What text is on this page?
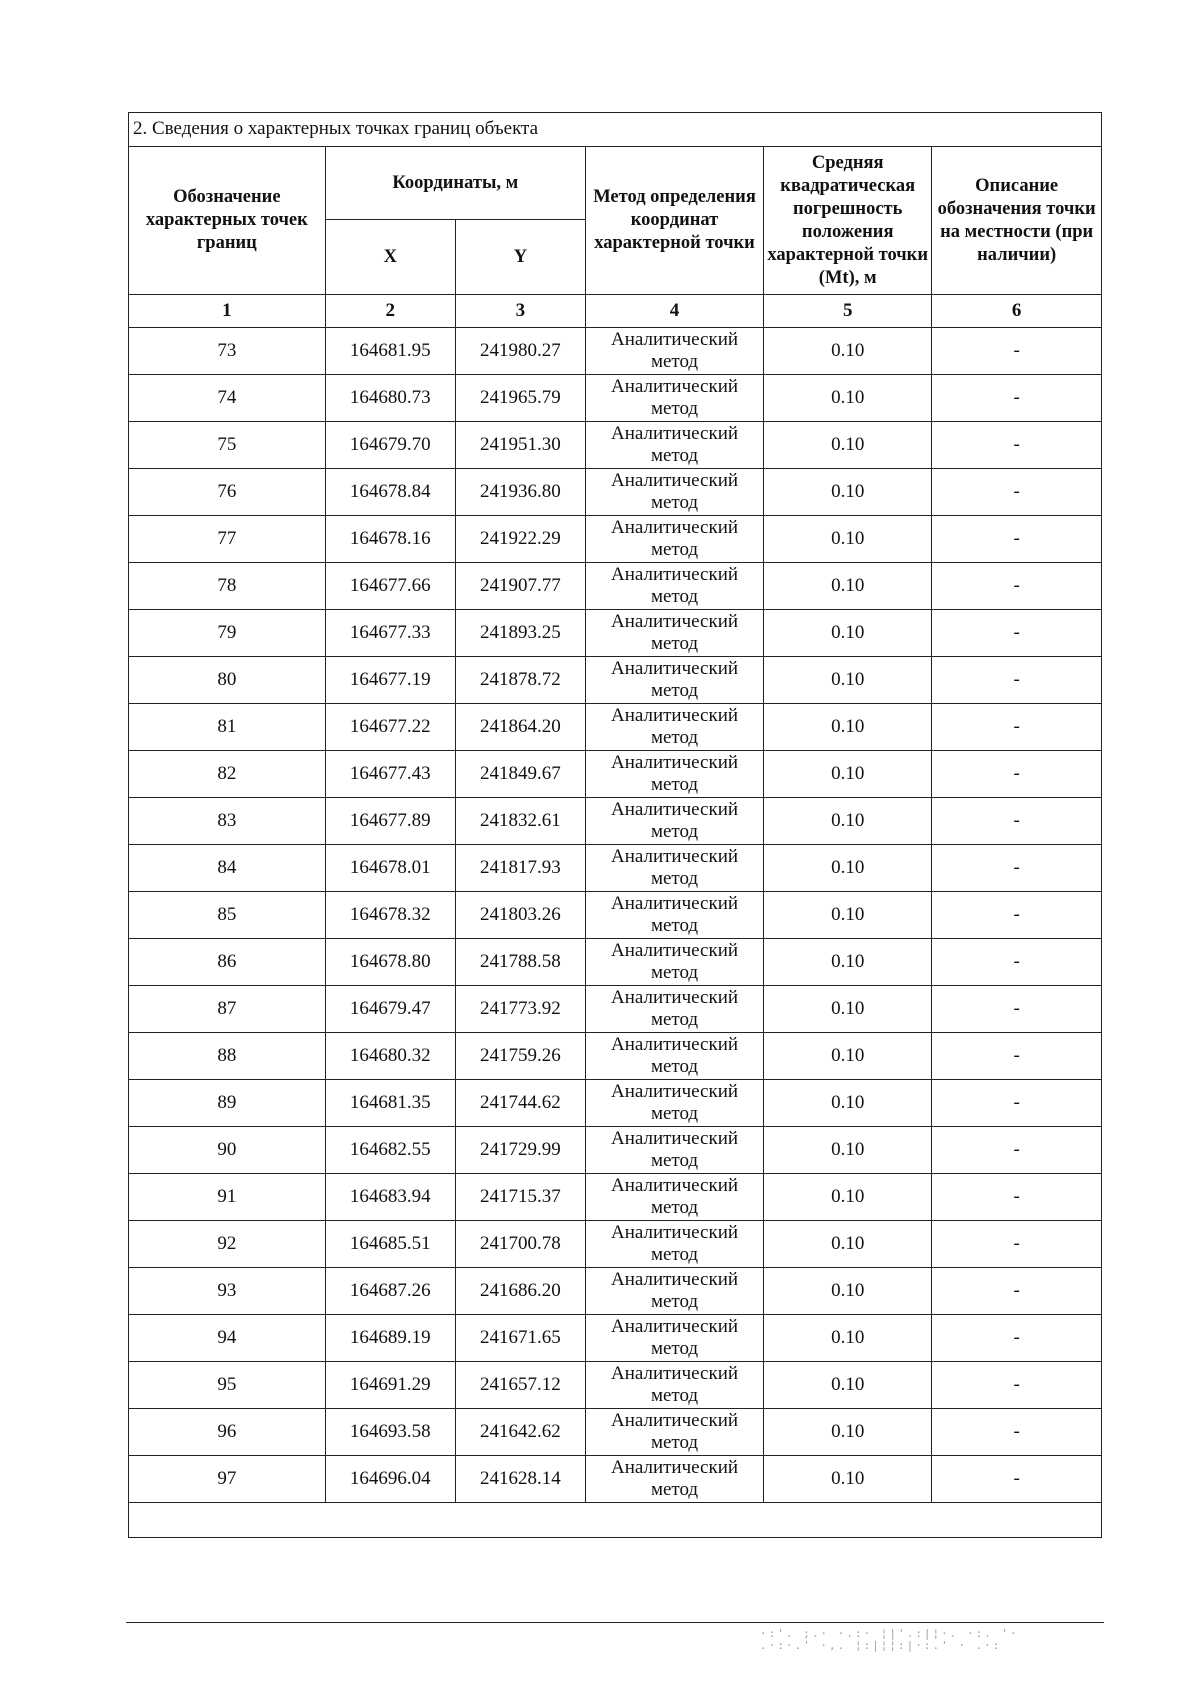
2. Сведения о характерных точках границ объекта
Обозначение характерных точек границ	Координаты, м		Метод определения координат характерной точки	Средняя квадратическая погрешность положения характерной точки (Mt), м	Описание обозначения точки на местности (при наличии)
	X	Y			
1	2	3	4	5	6
73	164681.95	241980.27	Аналитический метод	0.10	-
74	164680.73	241965.79	Аналитический метод	0.10	-
75	164679.70	241951.30	Аналитический метод	0.10	-
76	164678.84	241936.80	Аналитический метод	0.10	-
77	164678.16	241922.29	Аналитический метод	0.10	-
78	164677.66	241907.77	Аналитический метод	0.10	-
79	164677.33	241893.25	Аналитический метод	0.10	-
80	164677.19	241878.72	Аналитический метод	0.10	-
81	164677.22	241864.20	Аналитический метод	0.10	-
82	164677.43	241849.67	Аналитический метод	0.10	-
83	164677.89	241832.61	Аналитический метод	0.10	-
84	164678.01	241817.93	Аналитический метод	0.10	-
85	164678.32	241803.26	Аналитический метод	0.10	-
86	164678.80	241788.58	Аналитический метод	0.10	-
87	164679.47	241773.92	Аналитический метод	0.10	-
88	164680.32	241759.26	Аналитический метод	0.10	-
89	164681.35	241744.62	Аналитический метод	0.10	-
90	164682.55	241729.99	Аналитический метод	0.10	-
91	164683.94	241715.37	Аналитический метод	0.10	-
92	164685.51	241700.78	Аналитический метод	0.10	-
93	164687.26	241686.20	Аналитический метод	0.10	-
94	164689.19	241671.65	Аналитический метод	0.10	-
95	164691.29	241657.12	Аналитический метод	0.10	-
96	164693.58	241642.62	Аналитический метод	0.10	-
97	164696.04	241628.14	Аналитический метод	0.10	-

·:'. ;.· ·.:· ¦|'.:|¦·. ·:. '·
.·:·.' ·,. ¦:|¦¦:|·:.' · .·:
